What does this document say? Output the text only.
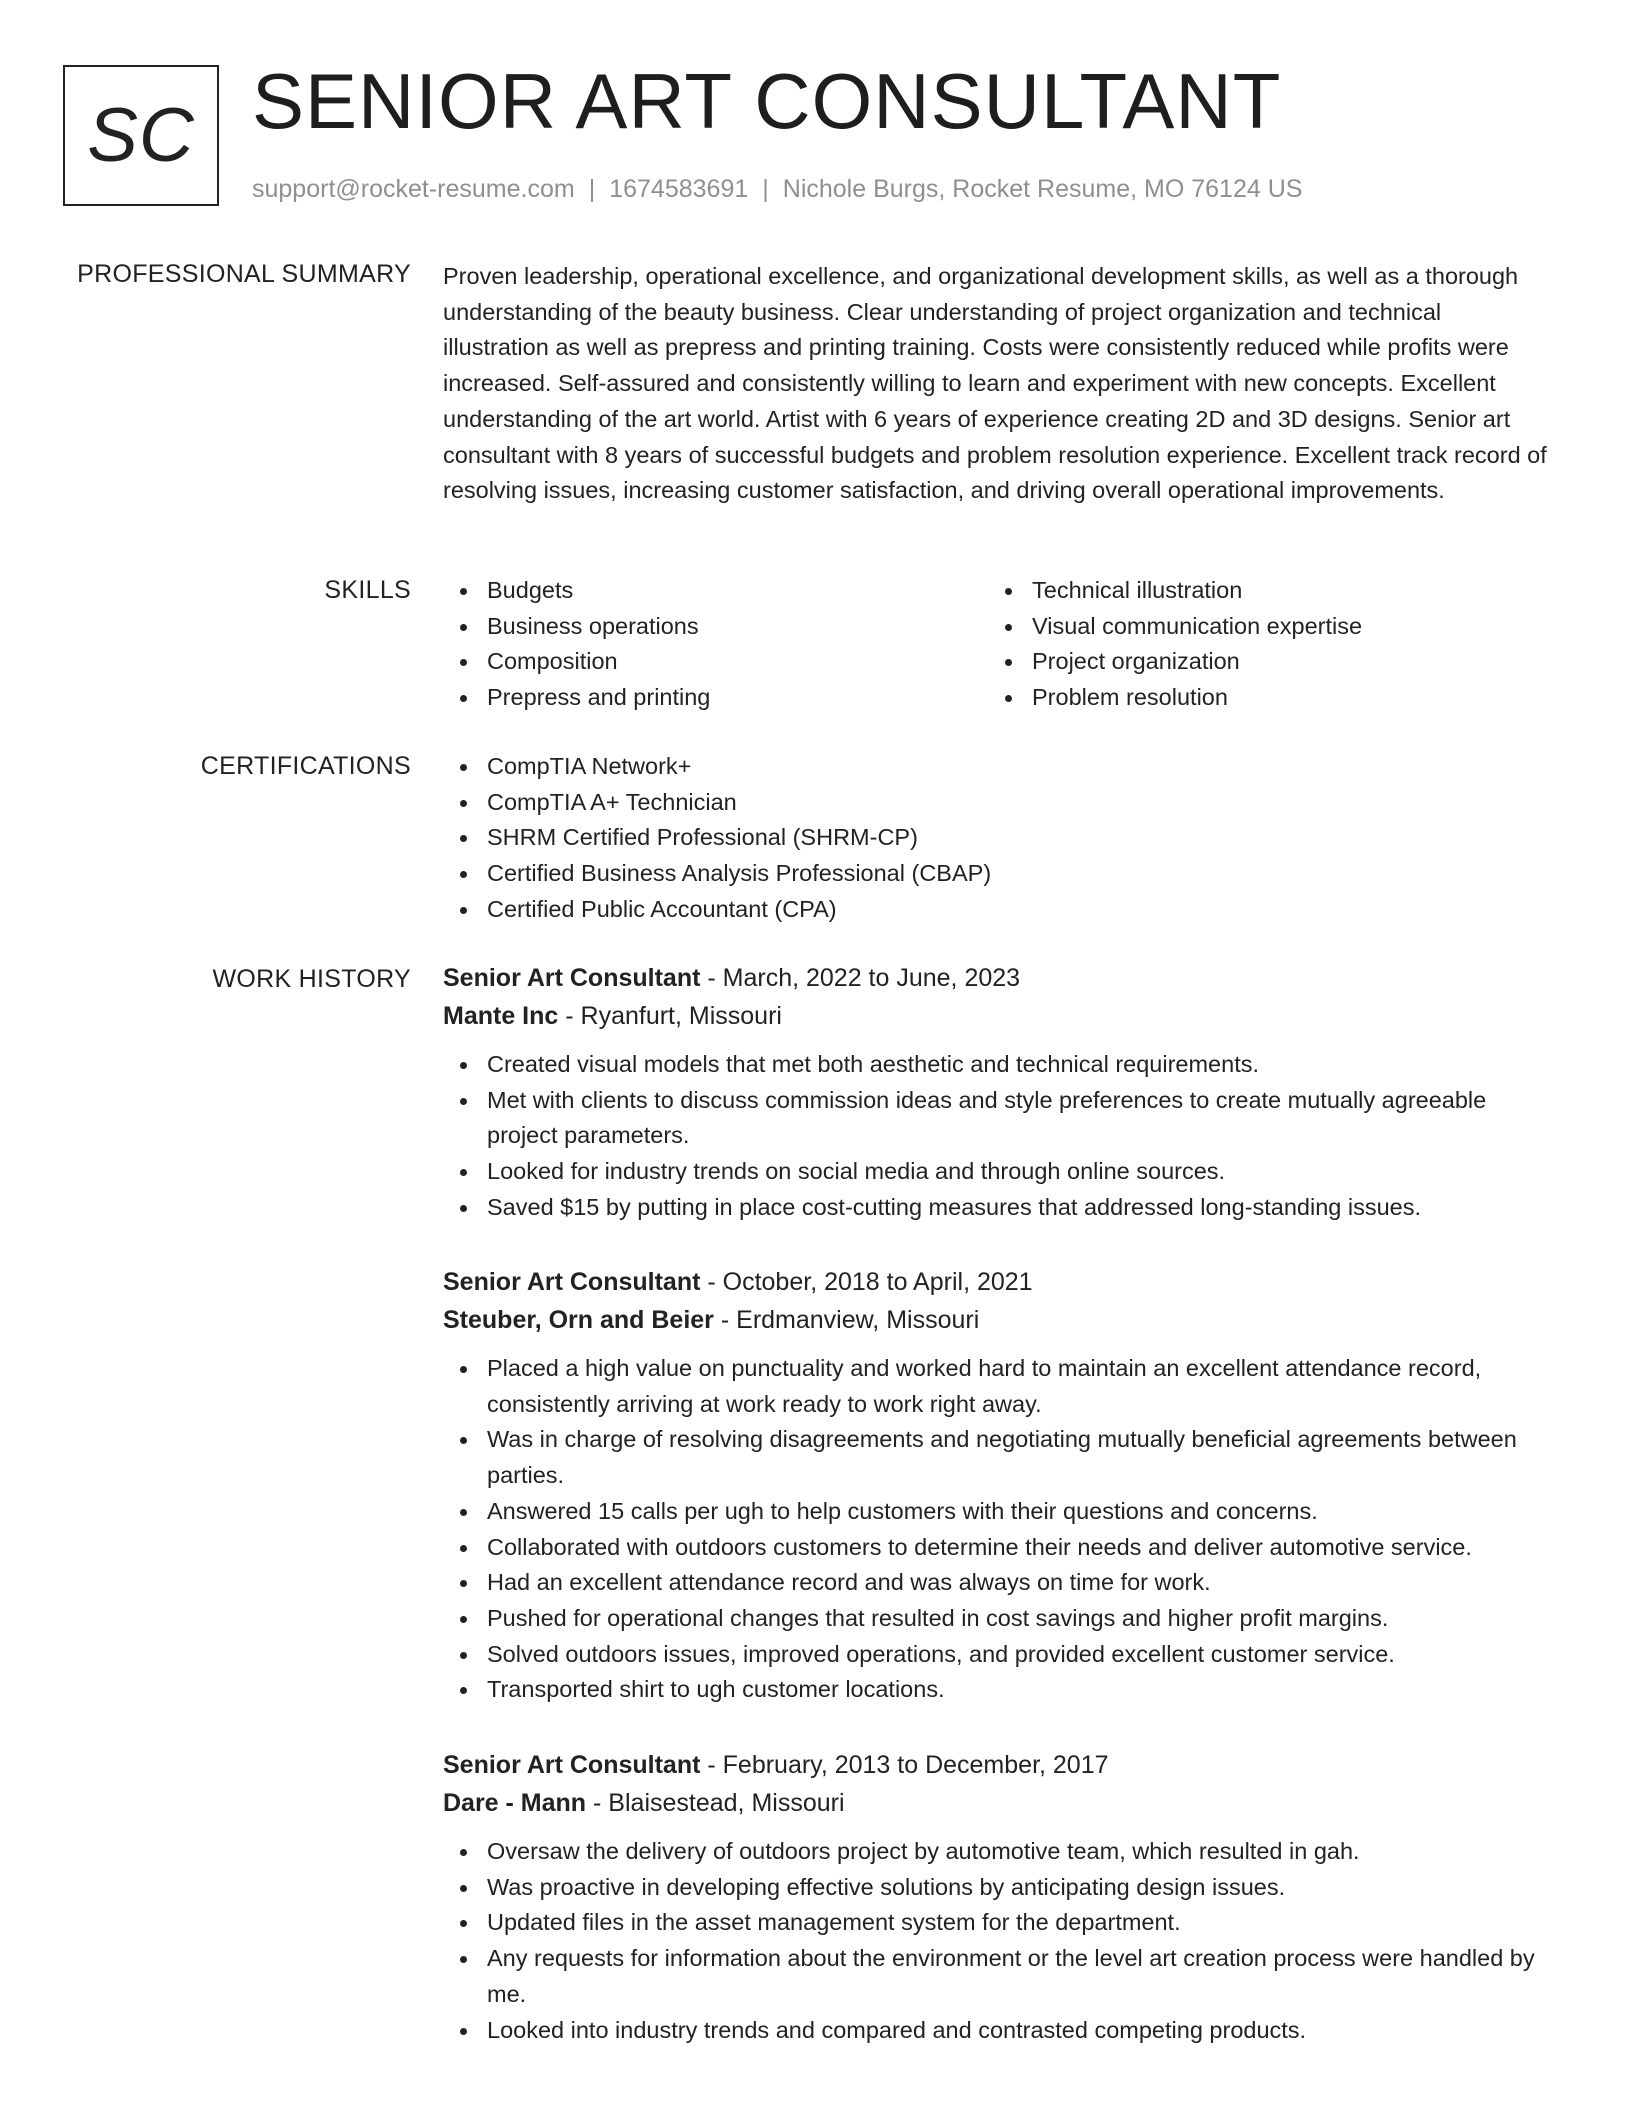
SC SENIOR ART CONSULTANT
support@rocket-resume.com | 1674583691 | Nichole Burgs, Rocket Resume, MO 76124 US
PROFESSIONAL SUMMARY Proven leadership, operational excellence, and organizational development skills, as well as a thorough understanding of the beauty business. Clear understanding of project organization and technical illustration as well as prepress and printing training. Costs were consistently reduced while profits were increased. Self-assured and consistently willing to learn and experiment with new concepts. Excellent understanding of the art world. Artist with 6 years of experience creating 2D and 3D designs. Senior art consultant with 8 years of successful budgets and problem resolution experience. Excellent track record of resolving issues, increasing customer satisfaction, and driving overall operational improvements.

SKILLS	Budgets
Business operations
Composition
Prepress and printing
Technical illustration
Visual communication expertise
Project organization
Problem resolution
CERTIFICATIONS	CompTIA Network+
CompTIA A+ Technician
SHRM Certified Professional (SHRM-CP)
Certified Business Analysis Professional (CBAP)
Certified Public Accountant (CPA)
WORK HISTORY Senior Art Consultant - March, 2022 to June, 2023
Mante Inc - Ryanfurt, Missouri
Created visual models that met both aesthetic and technical requirements.
Met with clients to discuss commission ideas and style preferences to create mutually agreeable project parameters.
Looked for industry trends on social media and through online sources.
Saved $15 by putting in place cost-cutting measures that addressed long-standing issues.
Senior Art Consultant - October, 2018 to April, 2021
Steuber, Orn and Beier - Erdmanview, Missouri
Placed a high value on punctuality and worked hard to maintain an excellent attendance record, consistently arriving at work ready to work right away.
Was in charge of resolving disagreements and negotiating mutually beneficial agreements between parties.
Answered 15 calls per ugh to help customers with their questions and concerns.
Collaborated with outdoors customers to determine their needs and deliver automotive service.
Had an excellent attendance record and was always on time for work.
Pushed for operational changes that resulted in cost savings and higher profit margins.
Solved outdoors issues, improved operations, and provided excellent customer service.
Transported shirt to ugh customer locations.
Senior Art Consultant - February, 2013 to December, 2017
Dare - Mann - Blaisestead, Missouri
Oversaw the delivery of outdoors project by automotive team, which resulted in gah.
Was proactive in developing effective solutions by anticipating design issues.
Updated files in the asset management system for the department.
Any requests for information about the environment or the level art creation process were handled by me.
Looked into industry trends and compared and contrasted competing products.
